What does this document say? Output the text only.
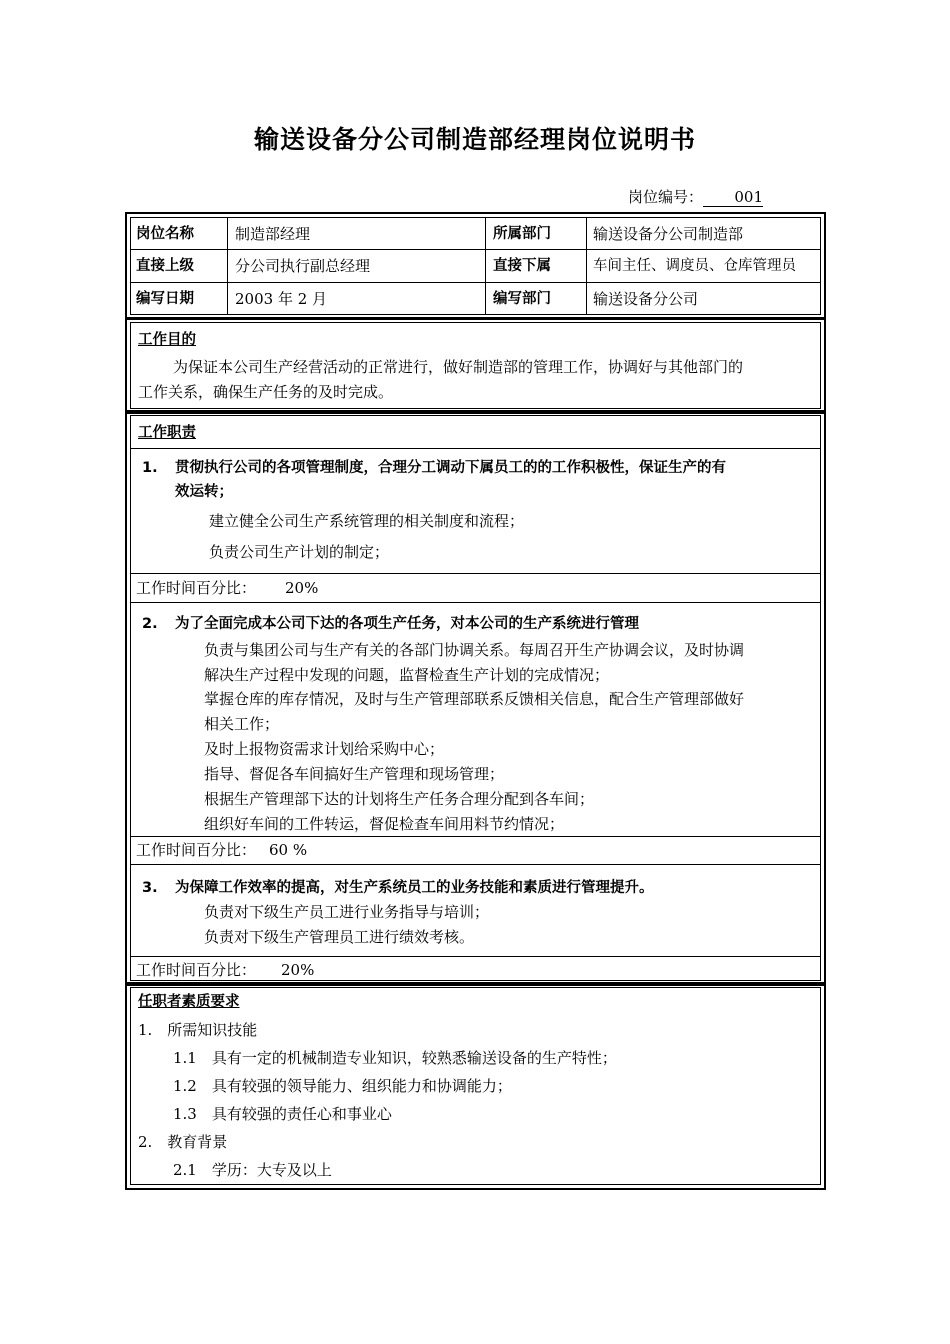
输送设备分公司制造部经理岗位说明书
岗位编号： 001
岗位名称	制造部经理	所属部门	输送设备分公司制造部
直接上级	分公司执行副总经理	直接下属	车间主任、调度员、仓库管理员
编写日期	2003 年 2 月	编写部门	输送设备分公司
工作目的
为保证本公司生产经营活动的正常进行，做好制造部的管理工作，协调好与其他部门的
工作关系，确保生产任务的及时完成。
工作职责
1. 贯彻执行公司的各项管理制度，合理分工调动下属员工的的工作积极性，保证生产的有
效运转；
建立健全公司生产系统管理的相关制度和流程；
负责公司生产计划的制定；
工作时间百分比： 20%
2. 为了全面完成本公司下达的各项生产任务，对本公司的生产系统进行管理
负责与集团公司与生产有关的各部门协调关系。每周召开生产协调会议，及时协调
解决生产过程中发现的问题，监督检查生产计划的完成情况；
掌握仓库的库存情况，及时与生产管理部联系反馈相关信息，配合生产管理部做好
相关工作；
及时上报物资需求计划给采购中心；
指导、督促各车间搞好生产管理和现场管理；
根据生产管理部下达的计划将生产任务合理分配到各车间；
组织好车间的工件转运，督促检查车间用料节约情况；
工作时间百分比： 60 %
3. 为保障工作效率的提高，对生产系统员工的业务技能和素质进行管理提升。
负责对下级生产员工进行业务指导与培训；
负责对下级生产管理员工进行绩效考核。
工作时间百分比： 20%
任职者素质要求
1.　所需知识技能
1.1　具有一定的机械制造专业知识，较熟悉输送设备的生产特性；
1.2　具有较强的领导能力、组织能力和协调能力；
1.3　具有较强的责任心和事业心
2.　教育背景
2.1　学历：大专及以上
